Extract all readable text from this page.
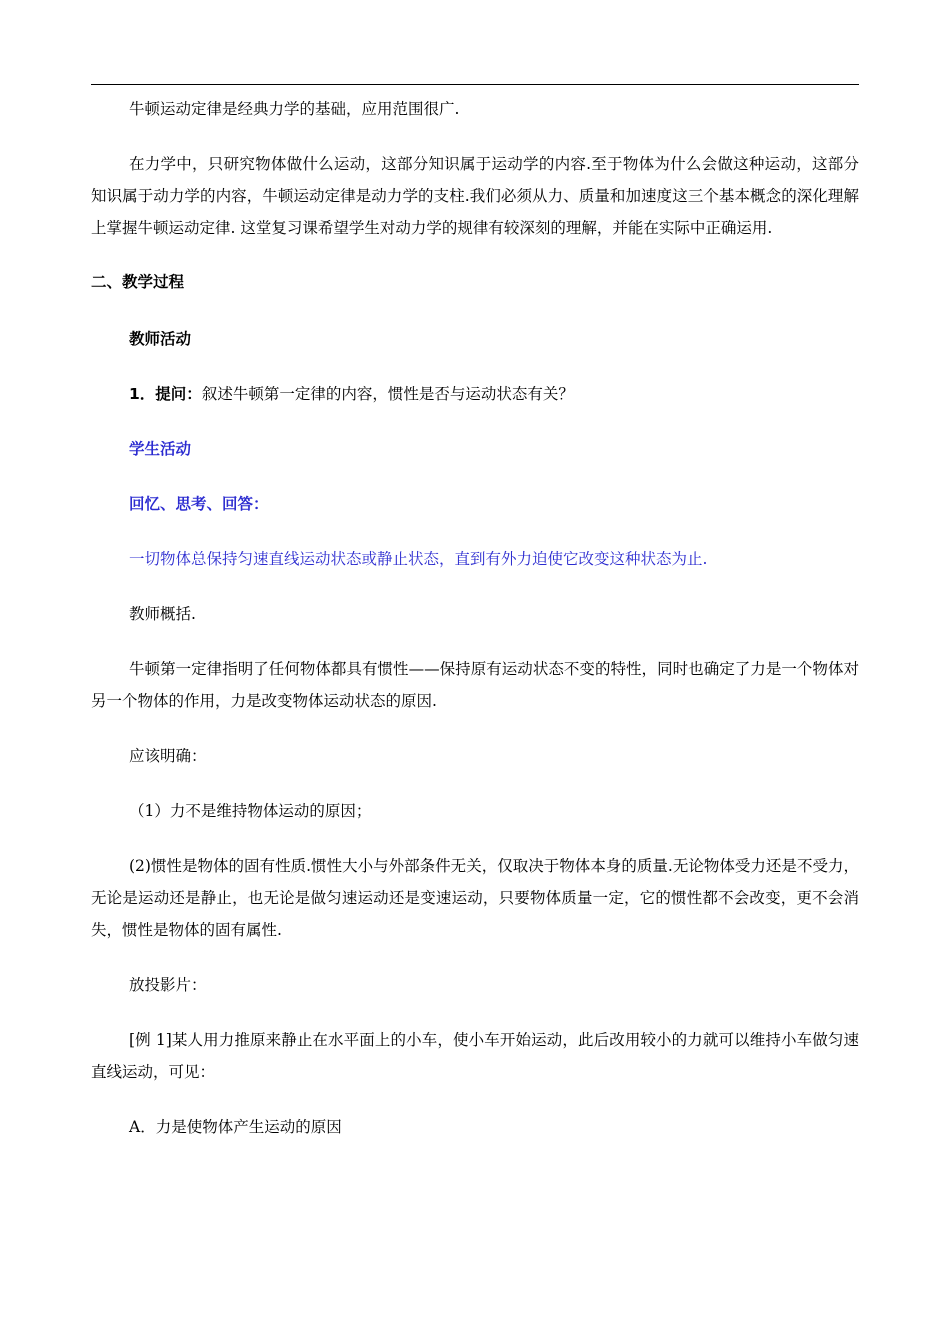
牛顿运动定律是经典力学的基础，应用范围很广.

在力学中，只研究物体做什么运动，这部分知识属于运动学的内容.至于物体为什么会做这种运动，这部分知识属于动力学的内容，牛顿运动定律是动力学的支柱.我们必须从力、质量和加速度这三个基本概念的深化理解上掌握牛顿运动定律. 这堂复习课希望学生对动力学的规律有较深刻的理解，并能在实际中正确运用.

二、教学过程

教师活动

1．提问：叙述牛顿第一定律的内容，惯性是否与运动状态有关？

学生活动

回忆、思考、回答：

一切物体总保持匀速直线运动状态或静止状态，直到有外力迫使它改变这种状态为止.

教师概括.

牛顿第一定律指明了任何物体都具有惯性——保持原有运动状态不变的特性，同时也确定了力是一个物体对另一个物体的作用，力是改变物体运动状态的原因.

应该明确：

（1）力不是维持物体运动的原因；

(2)惯性是物体的固有性质.惯性大小与外部条件无关，仅取决于物体本身的质量.无论物体受力还是不受力，无论是运动还是静止，也无论是做匀速运动还是变速运动，只要物体质量一定，它的惯性都不会改变，更不会消失，惯性是物体的固有属性.

放投影片：

[例 1]某人用力推原来静止在水平面上的小车，使小车开始运动，此后改用较小的力就可以维持小车做匀速直线运动，可见：

A．力是使物体产生运动的原因
